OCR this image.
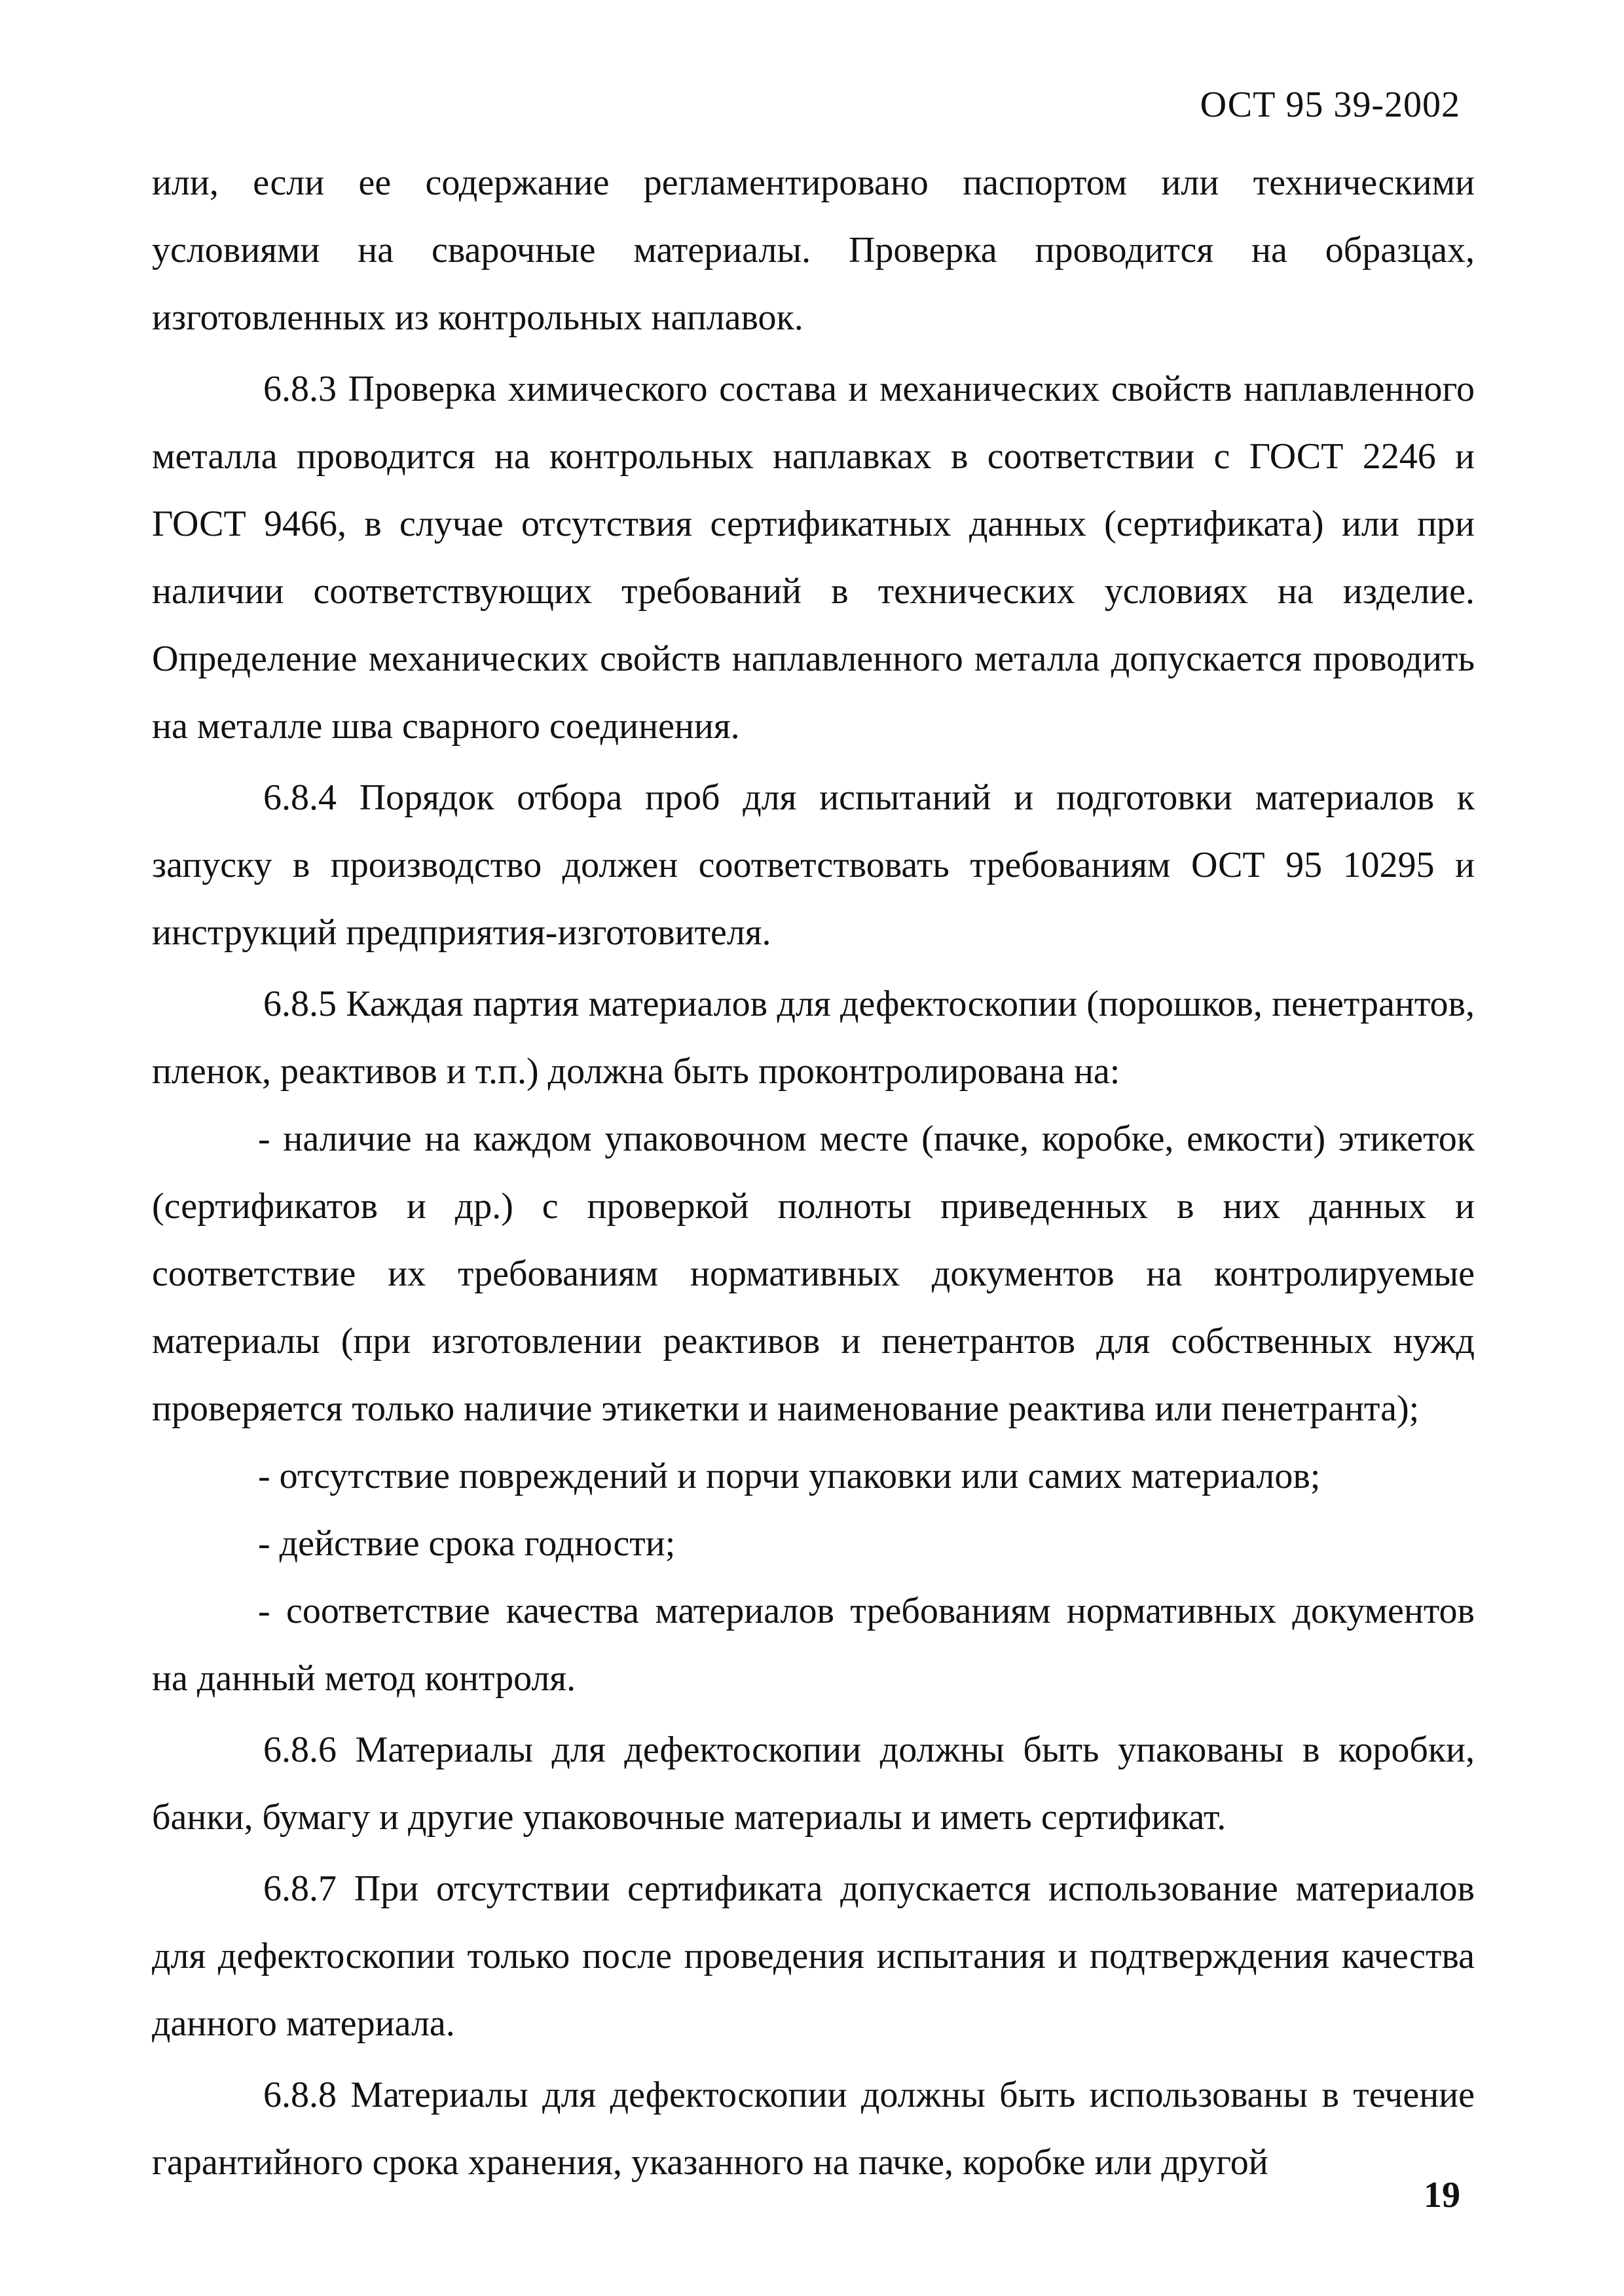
ОСТ 95 39-2002

или, если ее содержание регламентировано паспортом или техническими условиями на сварочные материалы. Проверка проводится на образцах, изготовленных из контрольных наплавок.

6.8.3 Проверка химического состава и механических свойств наплавленного металла проводится на контрольных наплавках в соответствии с ГОСТ 2246 и ГОСТ 9466, в случае отсутствия сертификатных данных (сертификата) или при наличии соответствующих требований в технических условиях на изделие. Определение механических свойств наплавленного металла допускается проводить на металле шва сварного соединения.

6.8.4 Порядок отбора проб для испытаний и подготовки материалов к запуску в производство должен соответствовать требованиям ОСТ 95 10295 и инструкций предприятия-изготовителя.

6.8.5 Каждая партия материалов для дефектоскопии (порошков, пенетрантов, пленок, реактивов и т.п.) должна быть проконтролирована на:

- наличие на каждом упаковочном месте (пачке, коробке, емкости) этикеток (сертификатов и др.) с проверкой полноты приведенных в них данных и соответствие их требованиям нормативных документов на контролируемые материалы (при изготовлении реактивов и пенетрантов для собственных нужд проверяется только наличие этикетки и наименование реактива или пенетранта);

- отсутствие повреждений и порчи упаковки или самих материалов;

- действие срока годности;

- соответствие качества материалов требованиям нормативных документов на данный метод контроля.

6.8.6 Материалы для дефектоскопии должны быть упакованы в коробки, банки, бумагу и другие упаковочные материалы и иметь сертификат.

6.8.7 При отсутствии сертификата допускается использование материалов для дефектоскопии только после проведения испытания и подтверждения качества данного материала.

6.8.8 Материалы для дефектоскопии должны быть использованы в течение гарантийного срока хранения, указанного на пачке, коробке или другой

19
